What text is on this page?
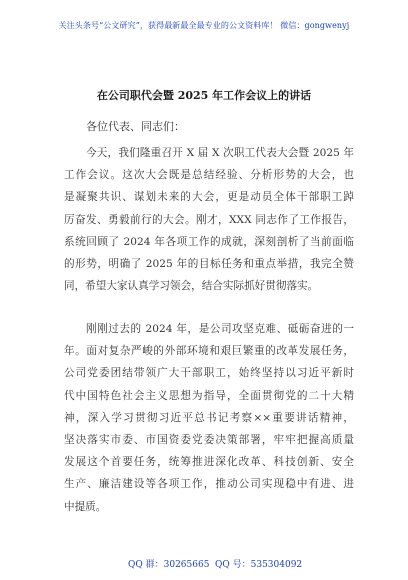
关注头条号“公文研究”，获得最新最全最专业的公文资料库！ 微信：gongwenyj
在公司职代会暨 2025 年工作会议上的讲话
各位代表、同志们：
今天，我们隆重召开 X 届 X 次职工代表大会暨 2025 年
工作会议。这次大会既是总结经验、分析形势的大会，也
是凝聚共识、谋划未来的大会，更是动员全体干部职工踔
厉奋发、勇毅前行的大会。刚才，XXX 同志作了工作报告，
系统回顾了 2024 年各项工作的成就，深刻剖析了当前面临
的形势，明确了 2025 年的目标任务和重点举措，我完全赞
同，希望大家认真学习领会，结合实际抓好贯彻落实。
刚刚过去的 2024 年，是公司攻坚克难、砥砺奋进的一
年。面对复杂严峻的外部环境和艰巨繁重的改革发展任务，
公司党委团结带领广大干部职工，始终坚持以习近平新时
代中国特色社会主义思想为指导，全面贯彻党的二十大精
神，深入学习贯彻习近平总书记考察××重要讲话精神，
坚决落实市委、市国资委党委决策部署，牢牢把握高质量
发展这个首要任务，统筹推进深化改革、科技创新、安全
生产、廉洁建设等各项工作，推动公司实现稳中有进、进
中提质。
QQ 群：30265665 QQ 号：535304092
